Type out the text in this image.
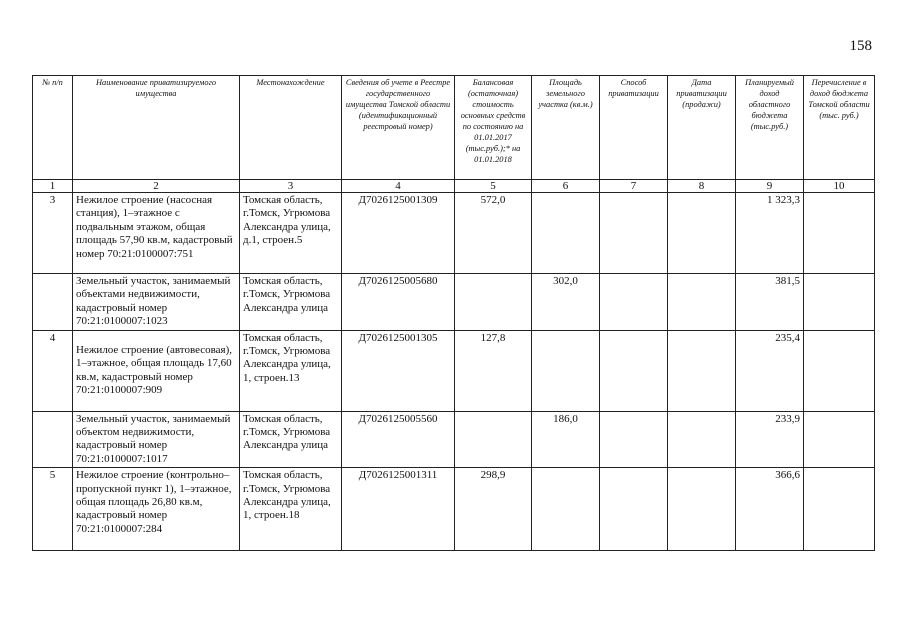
158
№ п/п	Наименование приватизируемого имущества	Местонахождение	Сведения об учете в Реестре государственного имущества Томской области (идентификационный реестровый номер)	Балансовая (остаточная) стоимость основных средств по состоянию на 01.01.2017 (тыс.руб.);* на 01.01.2018	Площадь земельного участка (кв.м.)	Способ приватизации	Дата приватизации (продажи)	Планируемый доход областного бюджета (тыс.руб.)	Перечисление в доход бюджета Томской области (тыс. руб.)
1	2	3	4	5	6	7	8	9	10
3	Нежилое строение (насосная станция), 1–этажное с подвальным этажом, общая площадь 57,90 кв.м, кадастровый номер 70:21:0100007:751	Томская область, г.Томск, Угрюмова Александра улица, д.1, строен.5	Д7026125001309	572,0				1 323,3	
	Земельный участок, занимаемый объектами недвижимости, кадастровый номер 70:21:0100007:1023	Томская область, г.Томск, Угрюмова Александра улица	Д7026125005680		302,0			381,5	
4	Нежилое строение (автовесовая), 1–этажное, общая площадь 17,60 кв.м, кадастровый номер 70:21:0100007:909	Томская область, г.Томск, Угрюмова Александра улица, 1, строен.13	Д7026125001305	127,8				235,4	
	Земельный участок, занимаемый объектом недвижимости, кадастровый номер 70:21:0100007:1017	Томская область, г.Томск, Угрюмова Александра улица	Д7026125005560		186,0			233,9	
5	Нежилое строение (контрольно–пропускной пункт 1), 1–этажное, общая площадь 26,80 кв.м, кадастровый номер 70:21:0100007:284	Томская область, г.Томск, Угрюмова Александра улица, 1, строен.18	Д7026125001311	298,9				366,6	
